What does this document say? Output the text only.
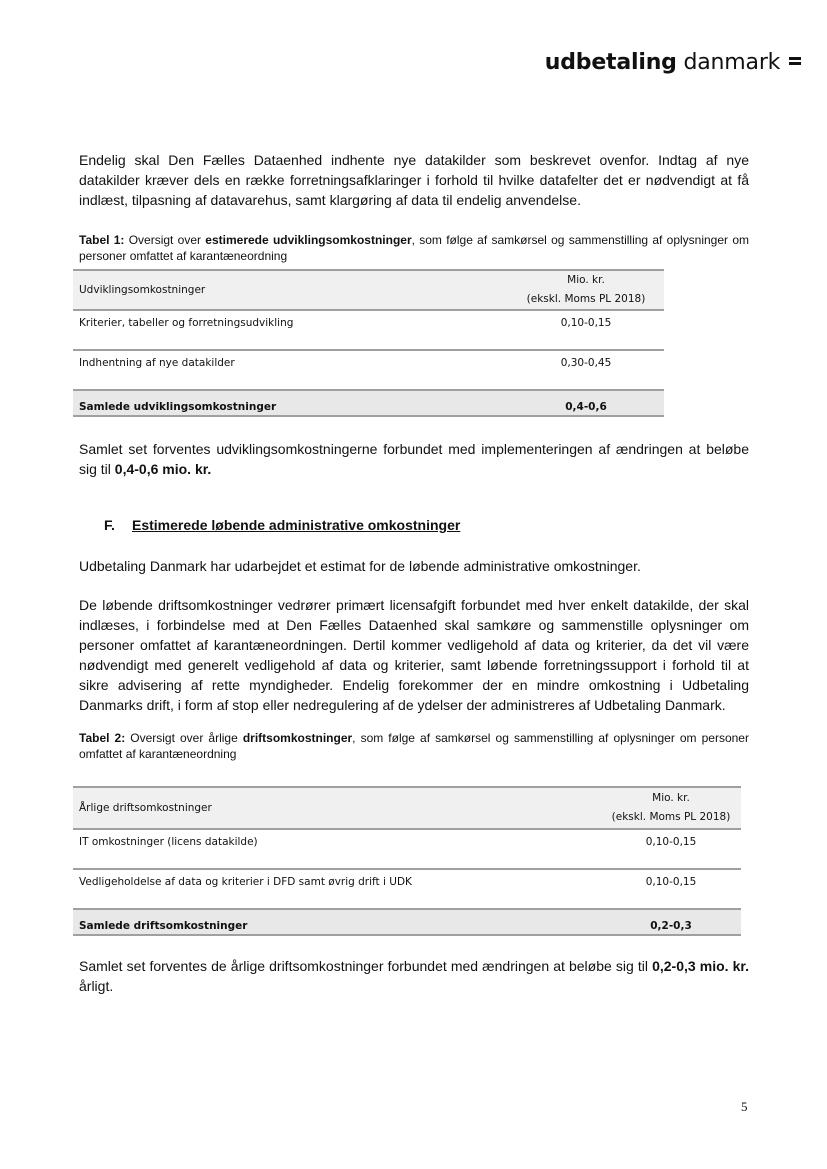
udbetaling danmark

Endelig skal Den Fælles Dataenhed indhente nye datakilder som beskrevet ovenfor. Indtag af nye datakilder kræver dels en række forretningsafklaringer i forhold til hvilke datafelter det er nødvendigt at få indlæst, tilpasning af datavarehus, samt klargøring af data til endelig anvendelse.

Tabel 1: Oversigt over estimerede udviklingsomkostninger, som følge af samkørsel og sammenstilling af oplysninger om personer omfattet af karantæneordning

Udviklingsomkostninger	Mio. kr.
(ekskl. Moms PL 2018)

Kriterier, tabeller og forretningsudvikling	0,10-0,15
Indhentning af nye datakilder	0,30-0,45
Samlede udviklingsomkostninger	0,4-0,6

Samlet set forventes udviklingsomkostningerne forbundet med implementeringen af ændringen at beløbe sig til 0,4-0,6 mio. kr.

F. Estimerede løbende administrative omkostninger

Udbetaling Danmark har udarbejdet et estimat for de løbende administrative omkostninger.

De løbende driftsomkostninger vedrører primært licensafgift forbundet med hver enkelt datakilde, der skal indlæses, i forbindelse med at Den Fælles Dataenhed skal samkøre og sammenstille oplysninger om personer omfattet af karantæneordningen. Dertil kommer vedligehold af data og kriterier, da det vil være nødvendigt med generelt vedligehold af data og kriterier, samt løbende forretningssupport i forhold til at sikre advisering af rette myndigheder. Endelig forekommer der en mindre omkostning i Udbetaling Danmarks drift, i form af stop eller nedregulering af de ydelser der administreres af Udbetaling Danmark.

Tabel 2: Oversigt over årlige driftsomkostninger, som følge af samkørsel og sammenstilling af oplysninger om personer omfattet af karantæneordning

Årlige driftsomkostninger	Mio. kr.
(ekskl. Moms PL 2018)

IT omkostninger (licens datakilde)	0,10-0,15
Vedligeholdelse af data og kriterier i DFD samt øvrig drift i UDK	0,10-0,15
Samlede driftsomkostninger	0,2-0,3

Samlet set forventes de årlige driftsomkostninger forbundet med ændringen at beløbe sig til 0,2-0,3 mio. kr. årligt.

5
